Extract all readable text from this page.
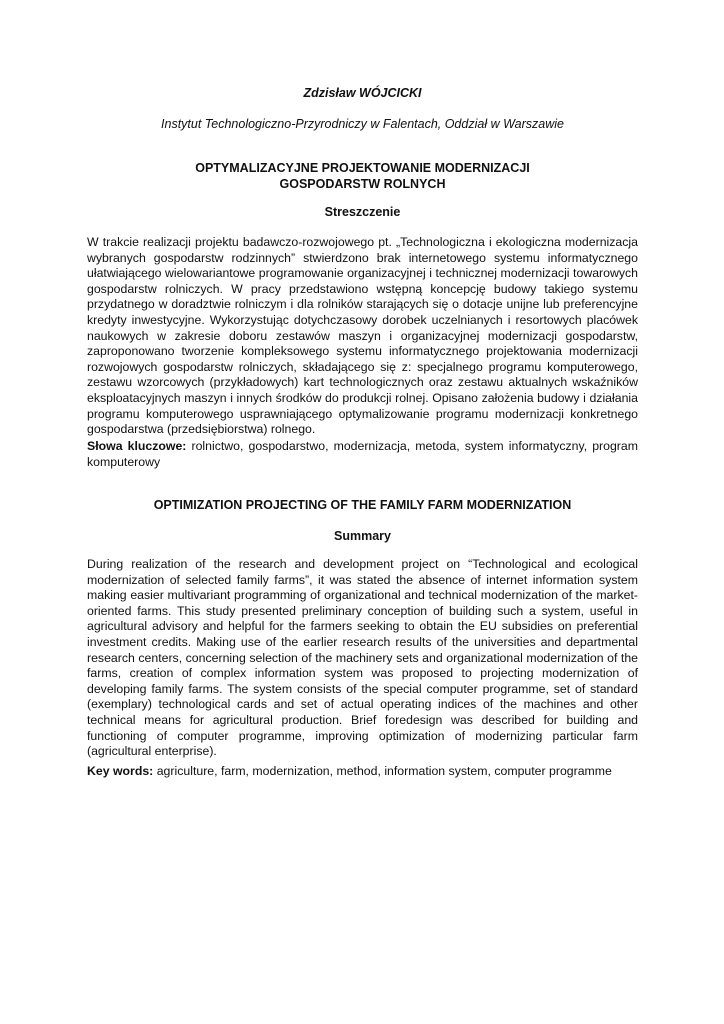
Zdzisław WÓJCICKI
Instytut Technologiczno-Przyrodniczy w Falentach, Oddział w Warszawie
OPTYMALIZACYJNE PROJEKTOWANIE MODERNIZACJI
GOSPODARSTW ROLNYCH
Streszczenie
W trakcie realizacji projektu badawczo-rozwojowego pt. „Technologiczna i ekologiczna modernizacja wybranych gospodarstw rodzinnych” stwierdzono brak internetowego systemu informatycznego ułatwiającego wielowariantowe programowanie organizacyjnej i technicznej modernizacji towarowych gospodarstw rolniczych. W pracy przedstawiono wstępną koncepcję budowy takiego systemu przydatnego w doradztwie rolniczym i dla rolników starających się o dotacje unijne lub preferencyjne kredyty inwestycyjne. Wykorzystując dotychczasowy dorobek uczelnianych i resortowych placówek naukowych w zakresie doboru zestawów maszyn i organizacyjnej modernizacji gospodarstw, zaproponowano tworzenie kompleksowego systemu informatycznego projektowania modernizacji rozwojowych gospodarstw rolniczych, składającego się z: specjalnego programu komputerowego, zestawu wzorcowych (przykładowych) kart technologicznych oraz zestawu aktualnych wskaźników eksploatacyjnych maszyn i innych środków do produkcji rolnej. Opisano założenia budowy i działania programu komputerowego usprawniającego optymalizowanie programu modernizacji konkretnego gospodarstwa (przedsiębiorstwa) rolnego.
Słowa kluczowe: rolnictwo, gospodarstwo, modernizacja, metoda, system informatyczny, program komputerowy
OPTIMIZATION PROJECTING OF THE FAMILY FARM MODERNIZATION
Summary
During realization of the research and development project on “Technological and ecological modernization of selected family farms”, it was stated the absence of internet information system making easier multivariant programming of organizational and technical modernization of the market-oriented farms. This study presented preliminary conception of building such a system, useful in agricultural advisory and helpful for the farmers seeking to obtain the EU subsidies on preferential investment credits. Making use of the earlier research results of the universities and departmental research centers, concerning selection of the machinery sets and organizational modernization of the farms, creation of complex information system was proposed to projecting modernization of developing family farms. The system consists of the special computer programme, set of standard (exemplary) technological cards and set of actual operating indices of the machines and other technical means for agricultural production. Brief foredesign was described for building and functioning of computer programme, improving optimization of modernizing particular farm (agricultural enterprise).
Key words: agriculture, farm, modernization, method, information system, computer programme
